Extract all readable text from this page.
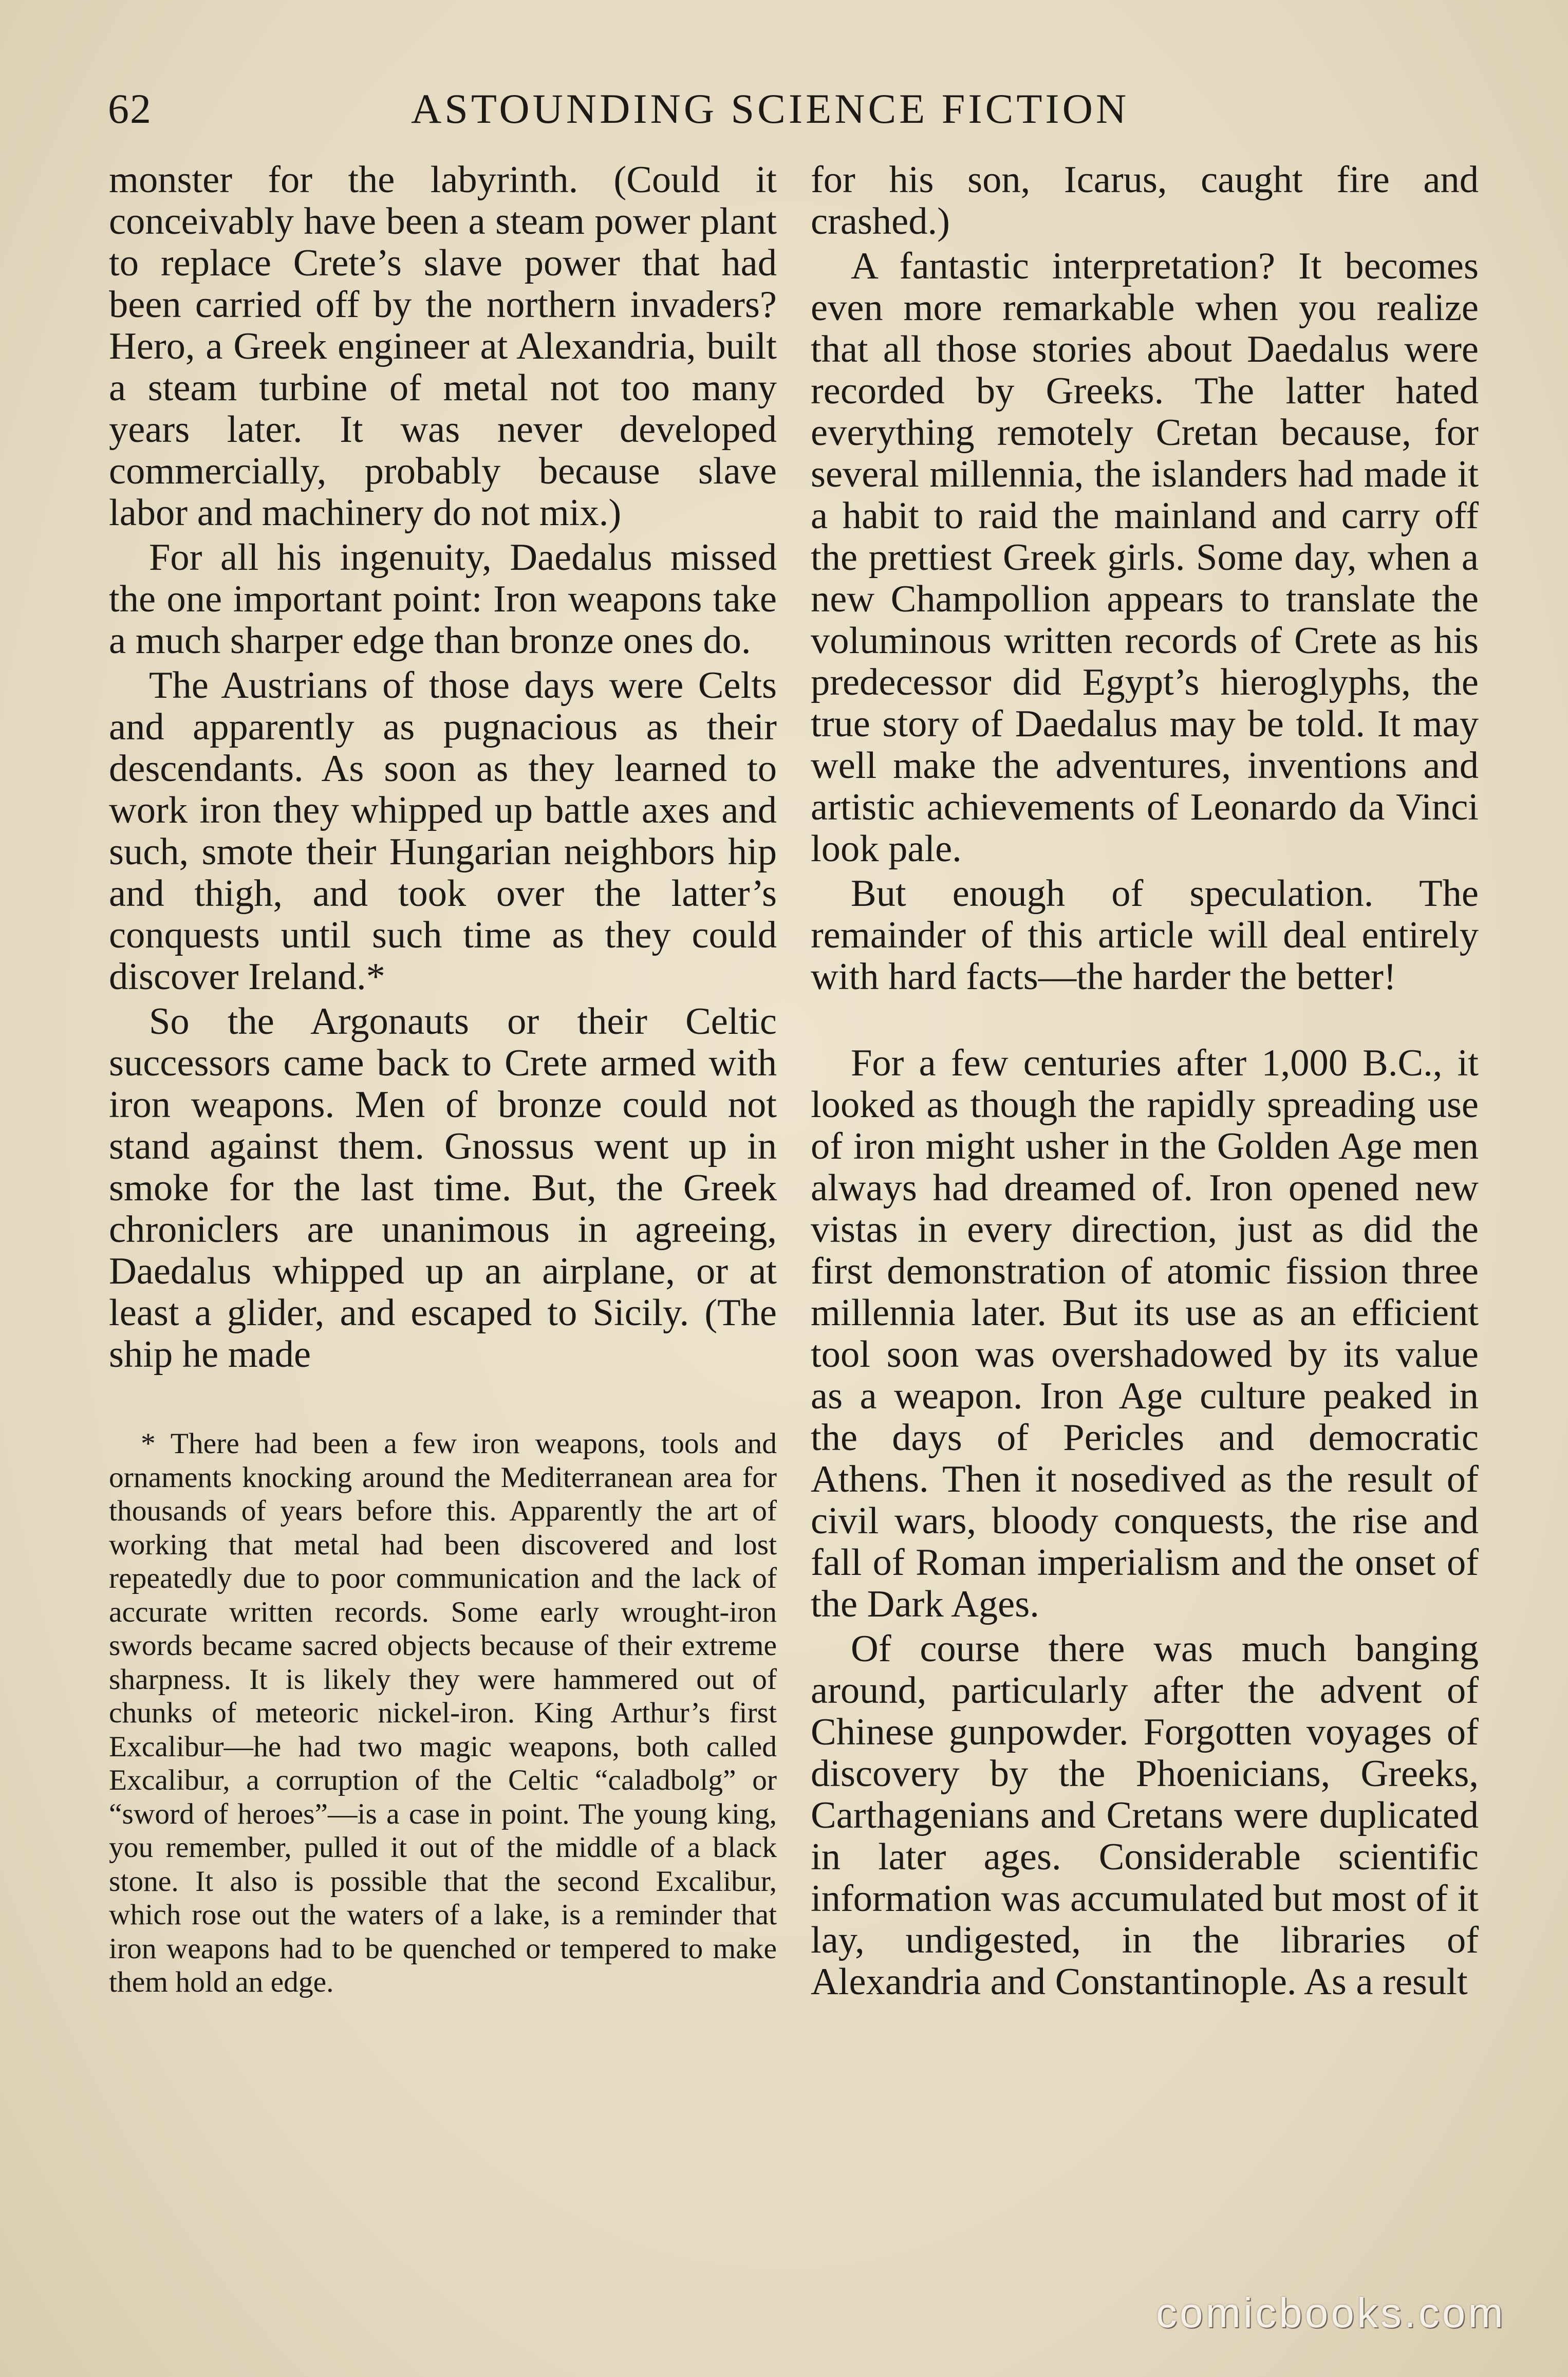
62	ASTOUNDING SCIENCE FICTION

monster for the labyrinth. (Could it conceivably have been a steam power plant to replace Crete’s slave power that had been carried off by the northern invaders? Hero, a Greek engineer at Alexandria, built a steam turbine of metal not too many years later. It was never developed commercially, probably because slave labor and machinery do not mix.)

For all his ingenuity, Daedalus missed the one important point: Iron weapons take a much sharper edge than bronze ones do.

The Austrians of those days were Celts and apparently as pugnacious as their descendants. As soon as they learned to work iron they whipped up battle axes and such, smote their Hungarian neighbors hip and thigh, and took over the latter’s conquests until such time as they could discover Ireland.*

So the Argonauts or their Celtic successors came back to Crete armed with iron weapons. Men of bronze could not stand against them. Gnossus went up in smoke for the last time. But, the Greek chroniclers are unanimous in agreeing, Daedalus whipped up an airplane, or at least a glider, and escaped to Sicily. (The ship he made

* There had been a few iron weapons, tools and ornaments knocking around the Mediterranean area for thousands of years before this. Apparently the art of working that metal had been discovered and lost repeatedly due to poor communication and the lack of accurate written records. Some early wrought-iron swords became sacred objects because of their extreme sharpness. It is likely they were hammered out of chunks of meteoric nickel-iron. King Arthur’s first Excalibur—he had two magic weapons, both called Excalibur, a corruption of the Celtic “caladbolg” or “sword of heroes”—is a case in point. The young king, you remember, pulled it out of the middle of a black stone. It also is possible that the second Excalibur, which rose out the waters of a lake, is a reminder that iron weapons had to be quenched or tempered to make them hold an edge.

for his son, Icarus, caught fire and crashed.)

A fantastic interpretation? It becomes even more remarkable when you realize that all those stories about Daedalus were recorded by Greeks. The latter hated everything remotely Cretan because, for several millennia, the islanders had made it a habit to raid the mainland and carry off the prettiest Greek girls. Some day, when a new Champollion appears to translate the voluminous written records of Crete as his predecessor did Egypt’s hieroglyphs, the true story of Daedalus may be told. It may well make the adventures, inventions and artistic achievements of Leonardo da Vinci look pale.

But enough of speculation. The remainder of this article will deal entirely with hard facts—the harder the better!

For a few centuries after 1,000 B.C., it looked as though the rapidly spreading use of iron might usher in the Golden Age men always had dreamed of. Iron opened new vistas in every direction, just as did the first demonstration of atomic fission three millennia later. But its use as an efficient tool soon was overshadowed by its value as a weapon. Iron Age culture peaked in the days of Pericles and democratic Athens. Then it nosedived as the result of civil wars, bloody conquests, the rise and fall of Roman imperialism and the onset of the Dark Ages.

Of course there was much banging around, particularly after the advent of Chinese gunpowder. Forgotten voyages of discovery by the Phoenicians, Greeks, Carthagenians and Cretans were duplicated in later ages. Considerable scientific information was accumulated but most of it lay, undigested, in the libraries of Alexandria and Constantinople. As a result

comicbooks.com
